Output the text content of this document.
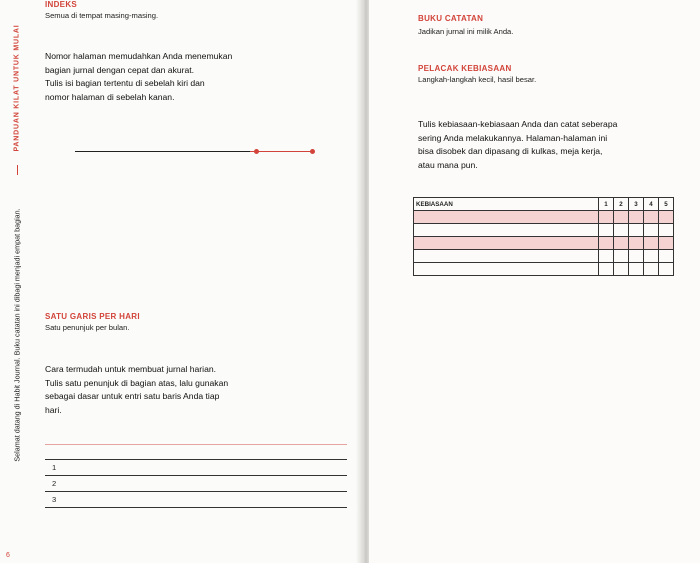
PANDUAN KILAT UNTUK MULAI
Selamat datang di Habit Journal. Buku catatan ini dibagi menjadi empat bagian.
6
INDEKS
Semua di tempat masing-masing.
Nomor halaman memudahkan Anda menemukan
bagian jurnal dengan cepat dan akurat.
Tulis isi bagian tertentu di sebelah kiri dan
nomor halaman di sebelah kanan.
SATU GARIS PER HARI
Satu penunjuk per bulan.
Cara termudah untuk membuat jurnal harian.
Tulis satu penunjuk di bagian atas, lalu gunakan
sebagai dasar untuk entri satu baris Anda tiap
hari.
1
2
3
BUKU CATATAN
Jadikan jurnal ini milik Anda.
PELACAK KEBIASAAN
Langkah-langkah kecil, hasil besar.
Tulis kebiasaan-kebiasaan Anda dan catat seberapa
sering Anda melakukannya. Halaman-halaman ini
bisa disobek dan dipasang di kulkas, meja kerja,
atau mana pun.
KEBIASAAN	1	2	3	4	5
